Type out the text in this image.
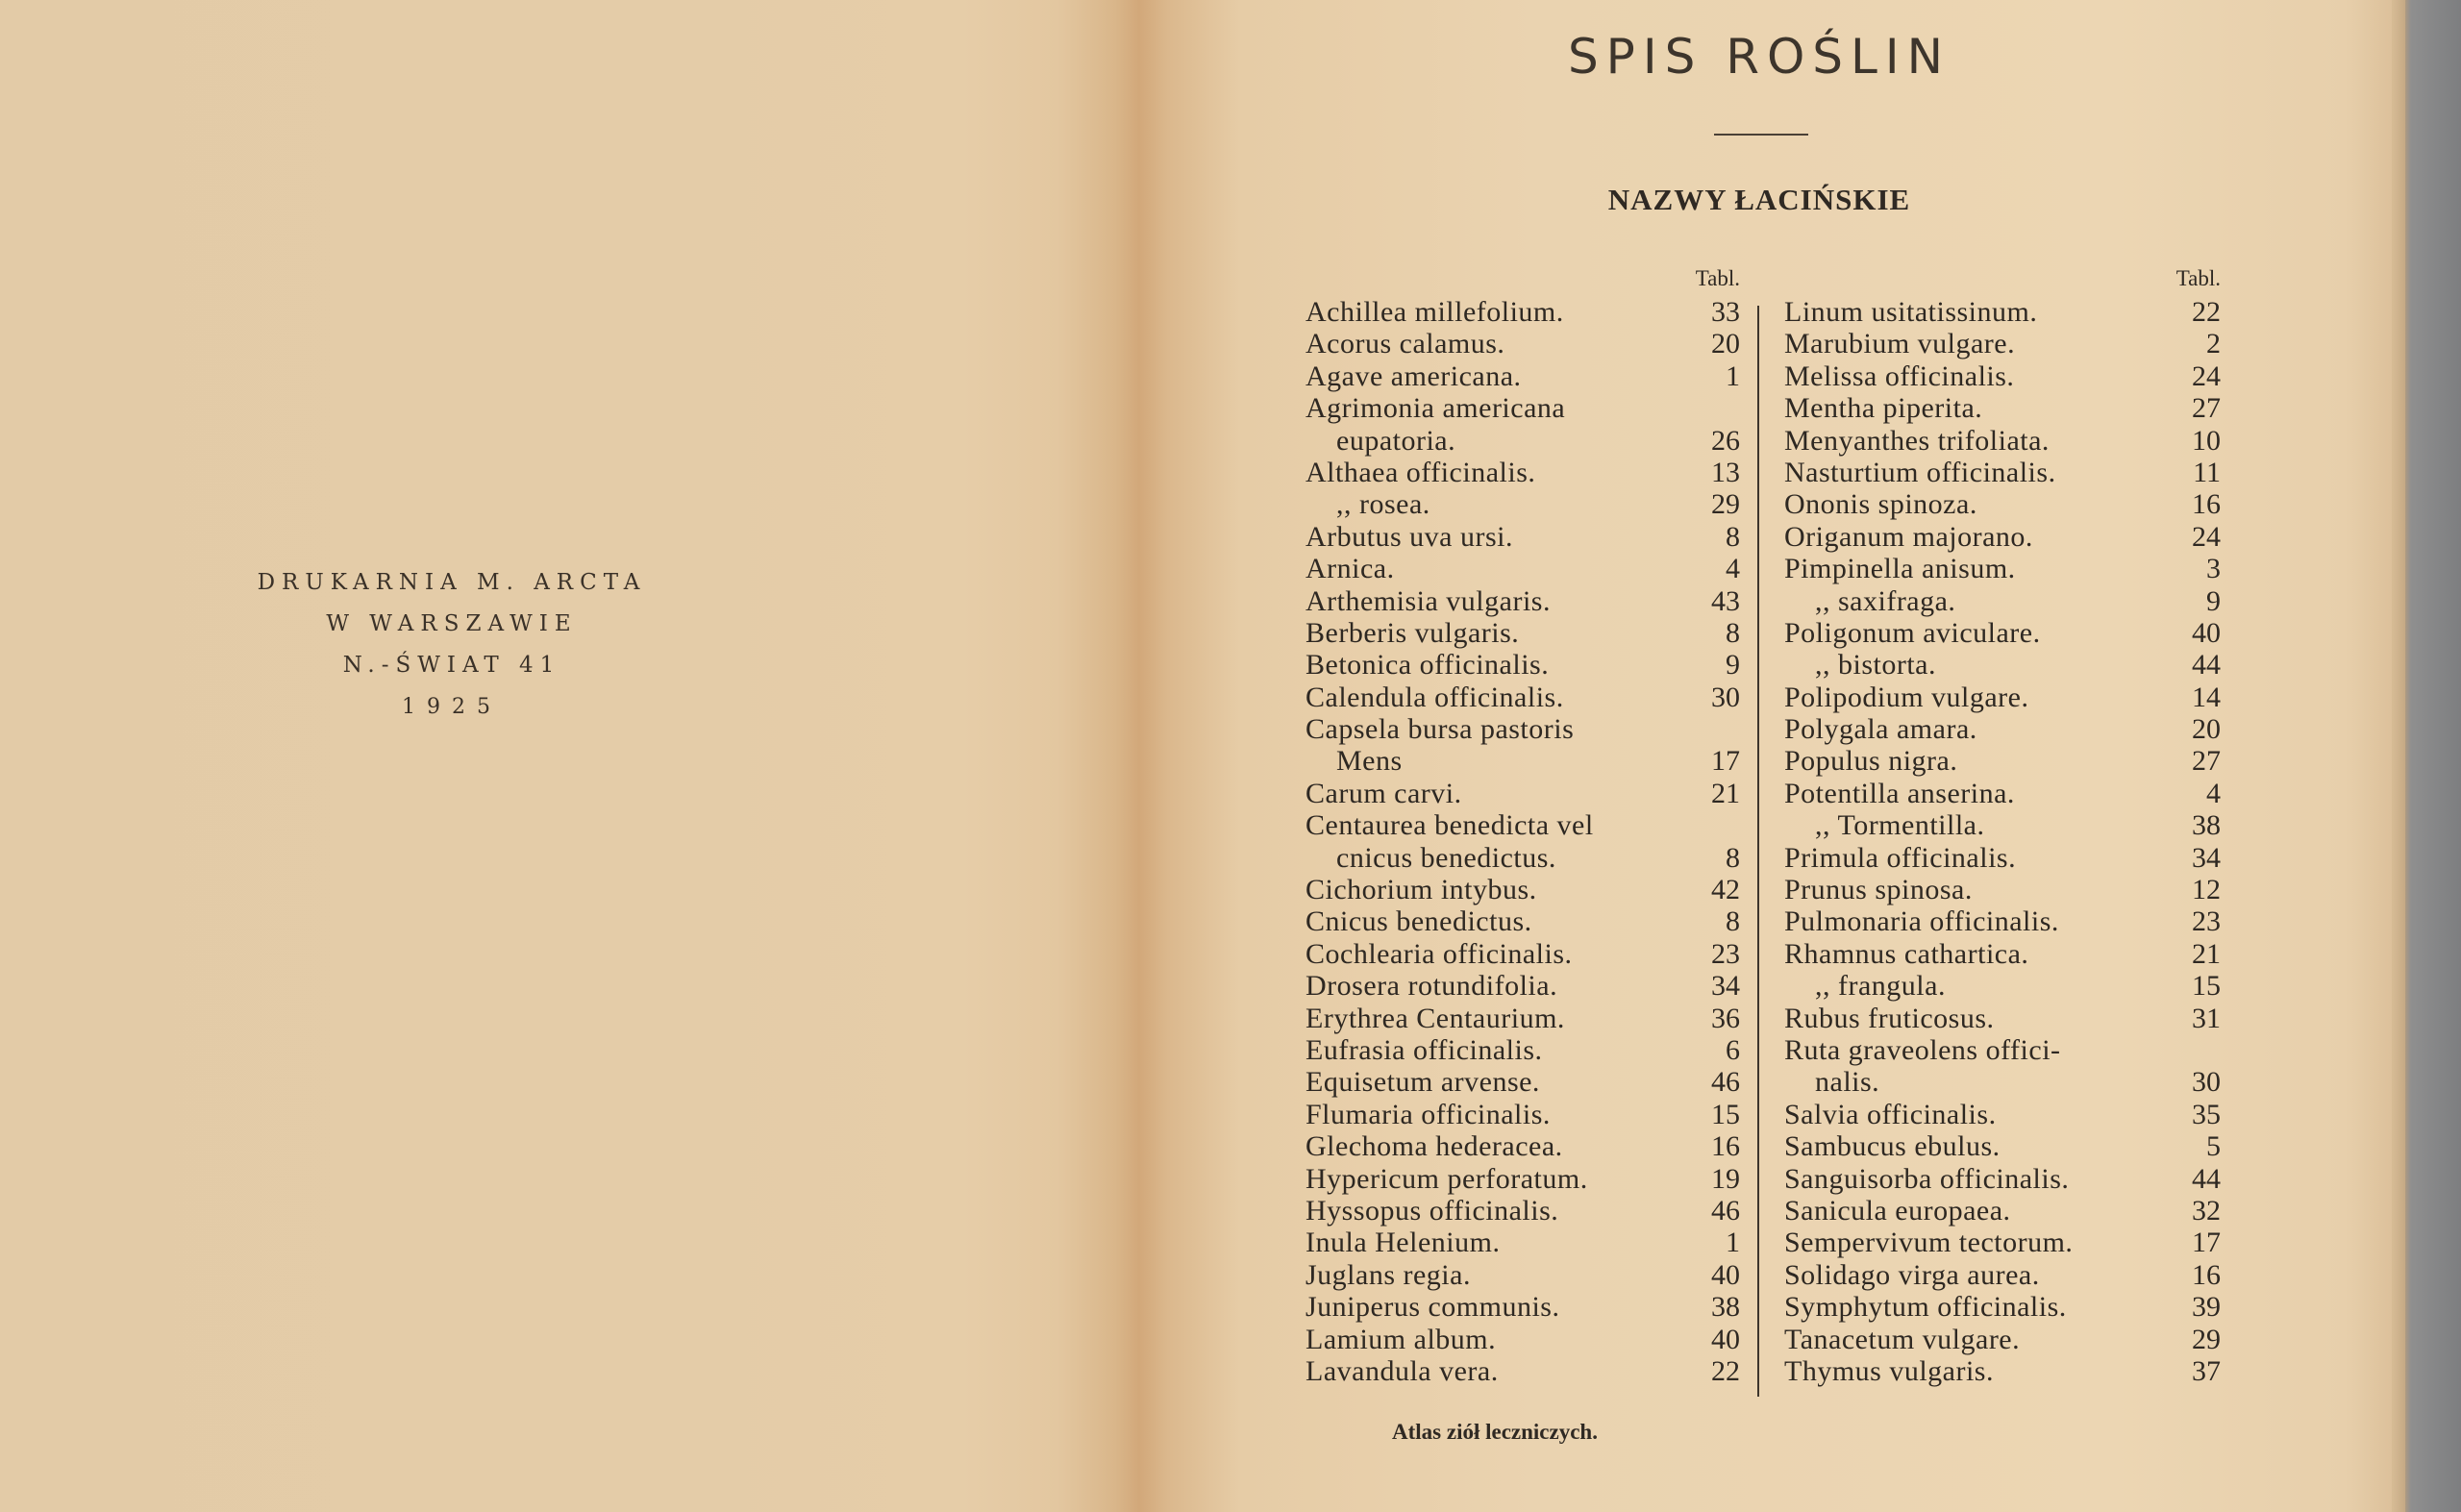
DRUKARNIA M. ARCTA
W WARSZAWIE
N.-ŚWIAT 41
1925
SPIS ROŚLIN
NAZWY ŁACIŃSKIE
Tabl.
Achillea millefolium.	33
Acorus calamus.	20
Agave americana.	1
Agrimonia americana
eupatoria.	26
Althaea officinalis.	13
,, rosea.	29
Arbutus uva ursi.	8
Arnica.	4
Arthemisia vulgaris.	43
Berberis vulgaris.	8
Betonica officinalis.	9
Calendula officinalis.	30
Capsela bursa pastoris
Mens	17
Carum carvi.	21
Centaurea benedicta vel
cnicus benedictus.	8
Cichorium intybus.	42
Cnicus benedictus.	8
Cochlearia officinalis.	23
Drosera rotundifolia.	34
Erythrea Centaurium.	36
Eufrasia officinalis.	6
Equisetum arvense.	46
Flumaria officinalis.	15
Glechoma hederacea.	16
Hypericum perforatum.	19
Hyssopus officinalis.	46
Inula Helenium.	1
Juglans regia.	40
Juniperus communis.	38
Lamium album.	40
Lavandula vera.	22
Tabl.
Linum usitatissinum.	22
Marubium vulgare.	2
Melissa officinalis.	24
Mentha piperita.	27
Menyanthes trifoliata.	10
Nasturtium officinalis.	11
Ononis spinoza.	16
Origanum majorano.	24
Pimpinella anisum.	3
,, saxifraga.	9
Poligonum aviculare.	40
,, bistorta.	44
Polipodium vulgare.	14
Polygala amara.	20
Populus nigra.	27
Potentilla anserina.	4
,, Tormentilla.	38
Primula officinalis.	34
Prunus spinosa.	12
Pulmonaria officinalis.	23
Rhamnus cathartica.	21
,, frangula.	15
Rubus fruticosus.	31
Ruta graveolens offici-
nalis.	30
Salvia officinalis.	35
Sambucus ebulus.	5
Sanguisorba officinalis.	44
Sanicula europaea.	32
Sempervivum tectorum.	17
Solidago virga aurea.	16
Symphytum officinalis.	39
Tanacetum vulgare.	29
Thymus vulgaris.	37
Atlas ziół leczniczych.
